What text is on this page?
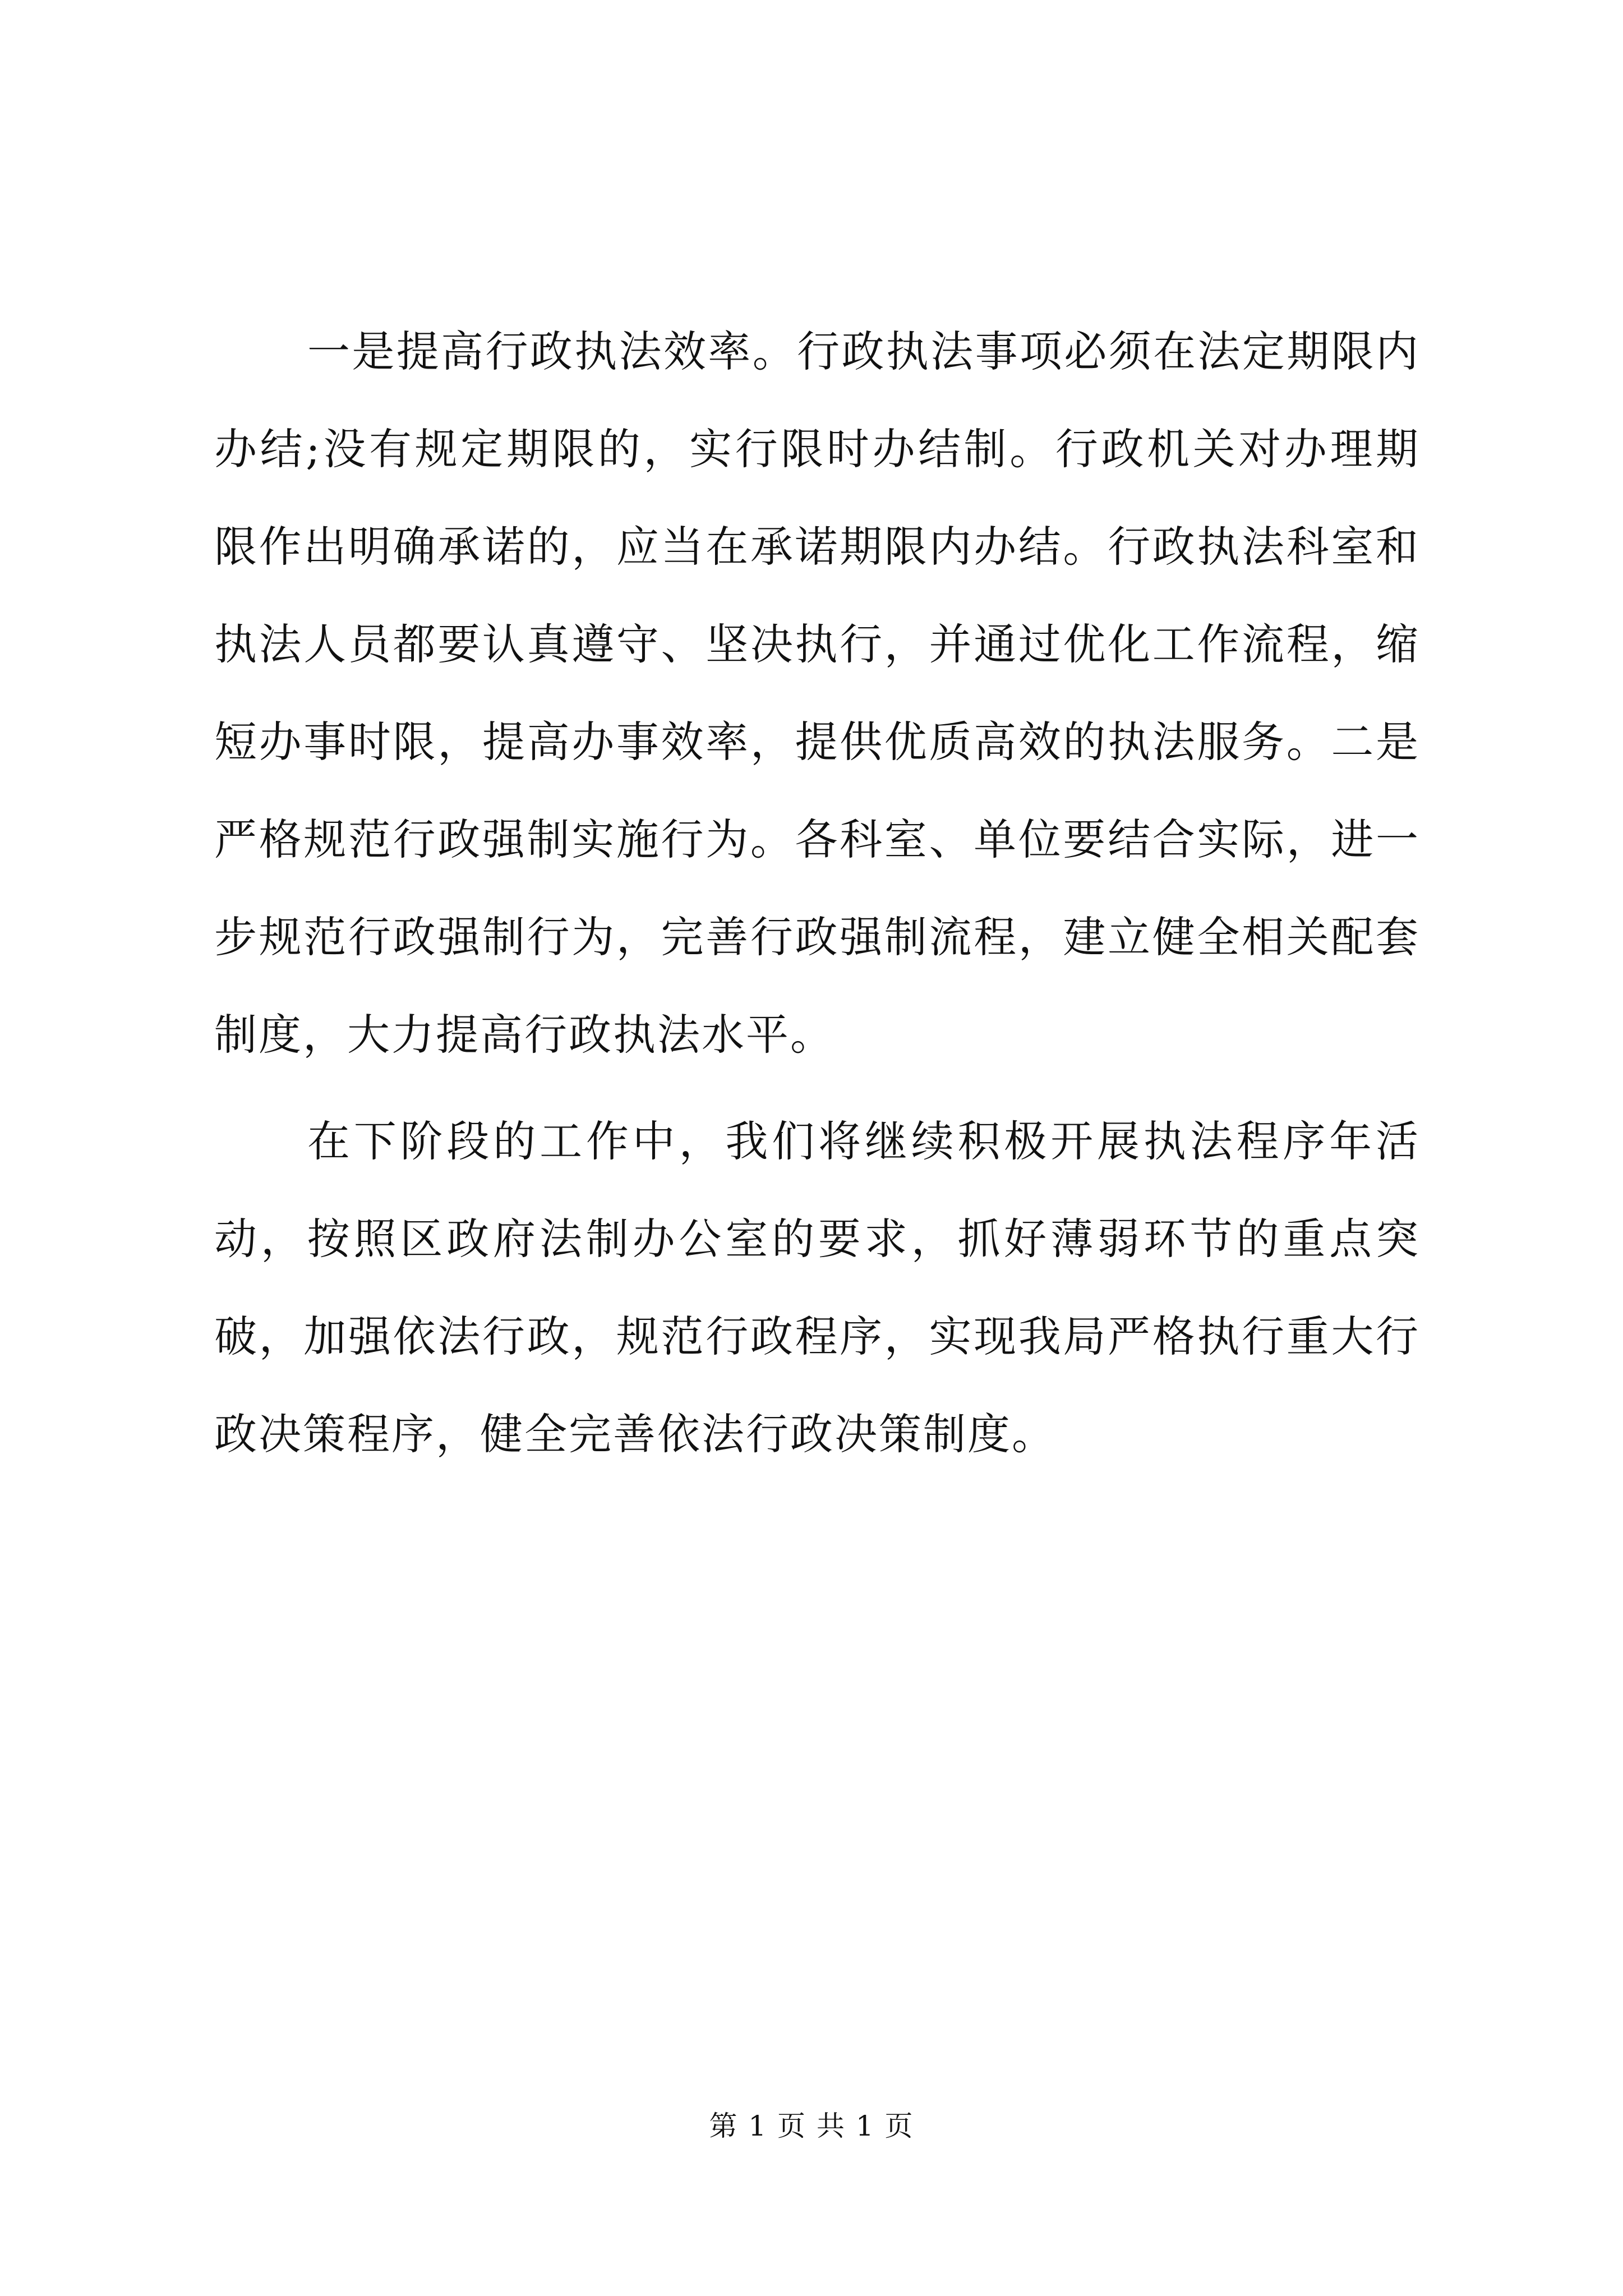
一是提高行政执法效率。行政执法事项必须在法定期限内办结;没有规定期限的，实行限时办结制。行政机关对办理期限作出明确承诺的，应当在承诺期限内办结。行政执法科室和执法人员都要认真遵守、坚决执行，并通过优化工作流程，缩短办事时限，提高办事效率，提供优质高效的执法服务。二是严格规范行政强制实施行为。各科室、单位要结合实际，进一步规范行政强制行为，完善行政强制流程，建立健全相关配套制度，大力提高行政执法水平。

在下阶段的工作中，我们将继续积极开展执法程序年活动，按照区政府法制办公室的要求，抓好薄弱环节的重点突破，加强依法行政，规范行政程序，实现我局严格执行重大行政决策程序，健全完善依法行政决策制度。

第 1 页 共 1 页
